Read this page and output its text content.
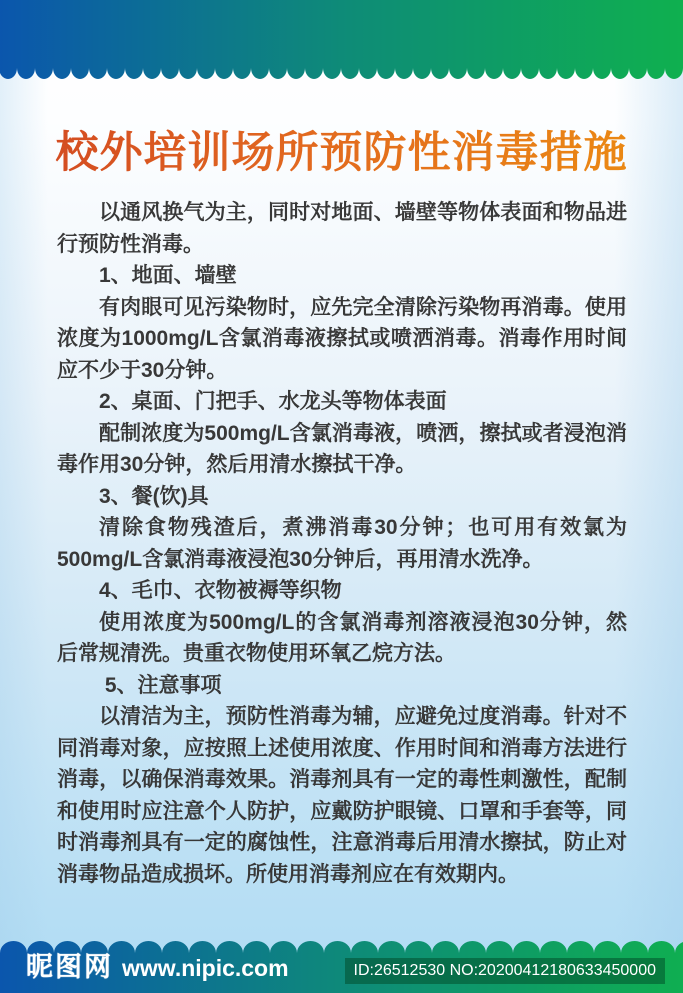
校外培训场所预防性消毒措施

以通风换气为主，同时对地面、墙壁等物体表面和物品进行预防性消毒。

1、地面、墙壁

有肉眼可见污染物时，应先完全清除污染物再消毒。使用浓度为1000mg/L含氯消毒液擦拭或喷洒消毒。消毒作用时间应不少于30分钟。

2、桌面、门把手、水龙头等物体表面

配制浓度为500mg/L含氯消毒液，喷洒，擦拭或者浸泡消毒作用30分钟，然后用清水擦拭干净。

3、餐(饮)具

清除食物残渣后，煮沸消毒30分钟；也可用有效氯为500mg/L含氯消毒液浸泡30分钟后，再用清水洗净。

4、毛巾、衣物被褥等织物

使用浓度为500mg/L的含氯消毒剂溶液浸泡30分钟，然后常规清洗。贵重衣物使用环氧乙烷方法。

5、注意事项

以清洁为主，预防性消毒为辅，应避免过度消毒。针对不同消毒对象，应按照上述使用浓度、作用时间和消毒方法进行消毒，以确保消毒效果。消毒剂具有一定的毒性刺激性，配制和使用时应注意个人防护，应戴防护眼镜、口罩和手套等，同时消毒剂具有一定的腐蚀性，注意消毒后用清水擦拭，防止对消毒物品造成损坏。所使用消毒剂应在有效期内。

昵图网 www.nipic.com	ID:26512530 NO:20200412180633450000
